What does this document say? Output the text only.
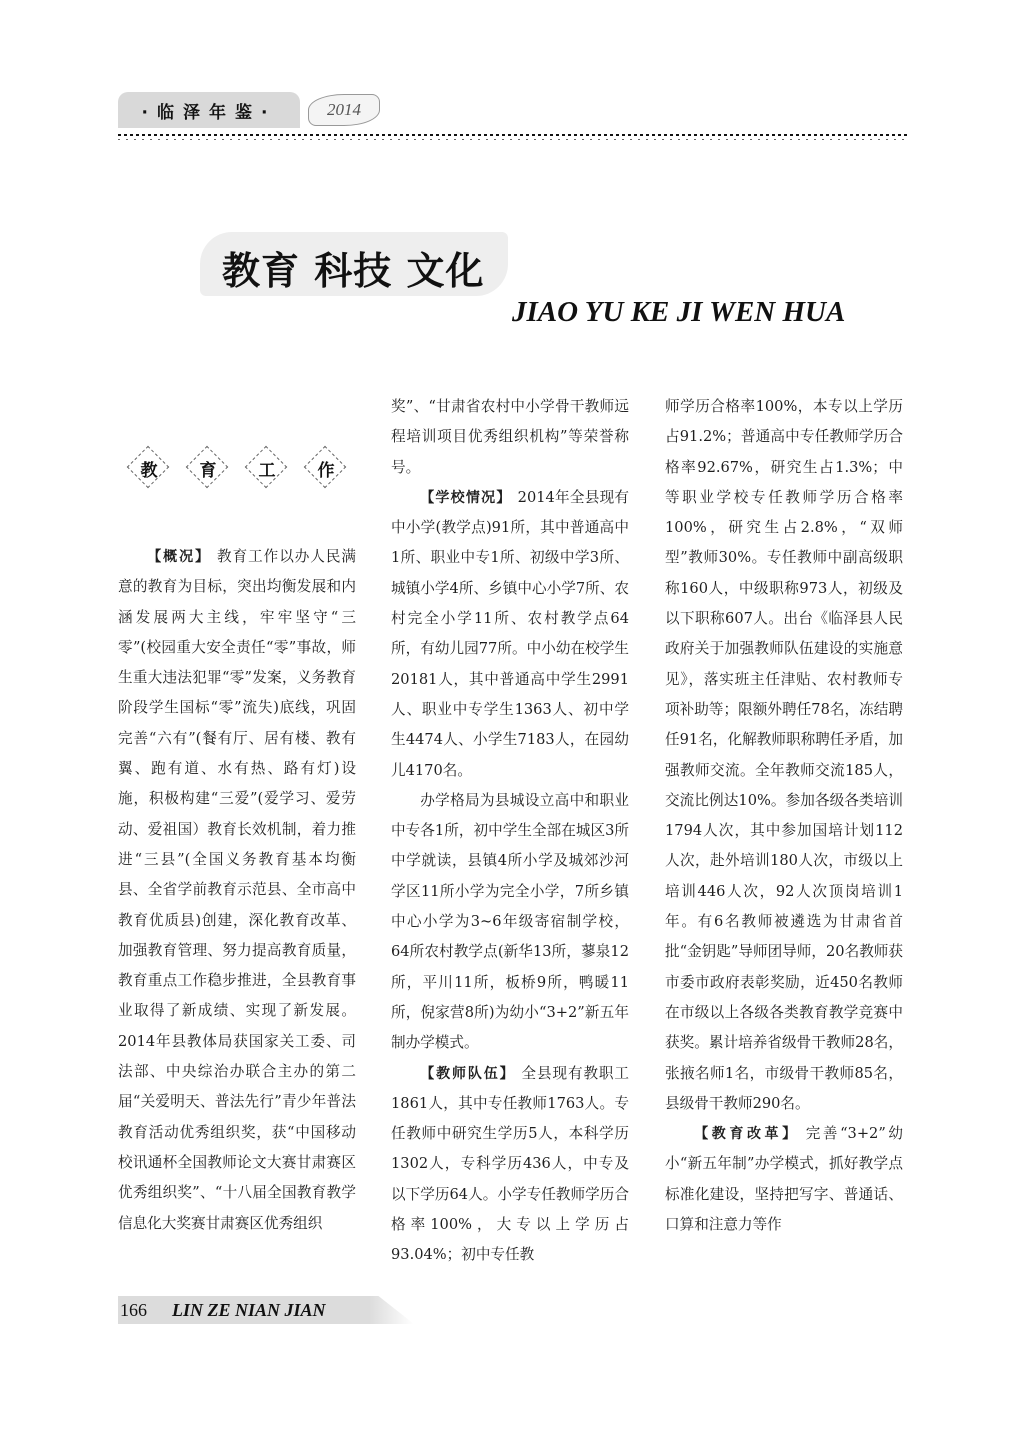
·临泽年鉴·	2014
教育 科技 文化
JIAO YU KE JI WEN HUA
教 育 工 作

【概况】 教育工作以办人民满意的教育为目标，突出均衡发展和内涵发展两大主线，牢牢坚守“三零”(校园重大安全责任“零”事故，师生重大违法犯罪“零”发案，义务教育阶段学生国标“零”流失)底线，巩固完善“六有”(餐有厅、居有楼、教有翼、跑有道、水有热、路有灯)设施，积极构建“三爱”(爱学习、爱劳动、爱祖国）教育长效机制，着力推进“三县”(全国义务教育基本均衡县、全省学前教育示范县、全市高中教育优质县)创建，深化教育改革、加强教育管理、努力提高教育质量，教育重点工作稳步推进，全县教育事业取得了新成绩、实现了新发展。2014年县教体局获国家关工委、司法部、中央综治办联合主办的第二届“关爱明天、普法先行”青少年普法教育活动优秀组织奖，获“中国移动校讯通杯全国教师论文大赛甘肃赛区优秀组织奖”、“十八届全国教育教学信息化大奖赛甘肃赛区优秀组织

奖”、“甘肃省农村中小学骨干教师远程培训项目优秀组织机构”等荣誉称号。

【学校情况】 2014年全县现有中小学(教学点)91所，其中普通高中1所、职业中专1所、初级中学3所、城镇小学4所、乡镇中心小学7所、农村完全小学11所、农村教学点64所，有幼儿园77所。中小幼在校学生20181人，其中普通高中学生2991人、职业中专学生1363人、初中学生4474人、小学生7183人，在园幼儿4170名。

办学格局为县城设立高中和职业中专各1所，初中学生全部在城区3所中学就读，县镇4所小学及城郊沙河学区11所小学为完全小学，7所乡镇中心小学为3~6年级寄宿制学校，64所农村教学点(新华13所，蓼泉12所，平川11所，板桥9所，鸭暖11所，倪家营8所)为幼小“3+2”新五年制办学模式。

【教师队伍】 全县现有教职工1861人，其中专任教师1763人。专任教师中研究生学历5人，本科学历1302人，专科学历436人，中专及以下学历64人。小学专任教师学历合格率100%，大专以上学历占93.04%；初中专任教

师学历合格率100%，本专以上学历占91.2%；普通高中专任教师学历合格率92.67%，研究生占1.3%；中等职业学校专任教师学历合格率100%，研究生占2.8%，“双师型”教师30%。专任教师中副高级职称160人，中级职称973人，初级及以下职称607人。出台《临泽县人民政府关于加强教师队伍建设的实施意见》，落实班主任津贴、农村教师专项补助等；限额外聘任78名，冻结聘任91名，化解教师职称聘任矛盾，加强教师交流。全年教师交流185人，交流比例达10%。参加各级各类培训1794人次，其中参加国培计划112人次，赴外培训180人次，市级以上培训446人次，92人次顶岗培训1年。有6名教师被遴选为甘肃省首批“金钥匙”导师团导师，20名教师获市委市政府表彰奖励，近450名教师在市级以上各级各类教育教学竞赛中获奖。累计培养省级骨干教师28名，张掖名师1名，市级骨干教师85名，县级骨干教师290名。

【教育改革】 完善“3+2”幼小“新五年制”办学模式，抓好教学点标准化建设，坚持把写字、普通话、口算和注意力等作

166 LIN ZE NIAN JIAN
